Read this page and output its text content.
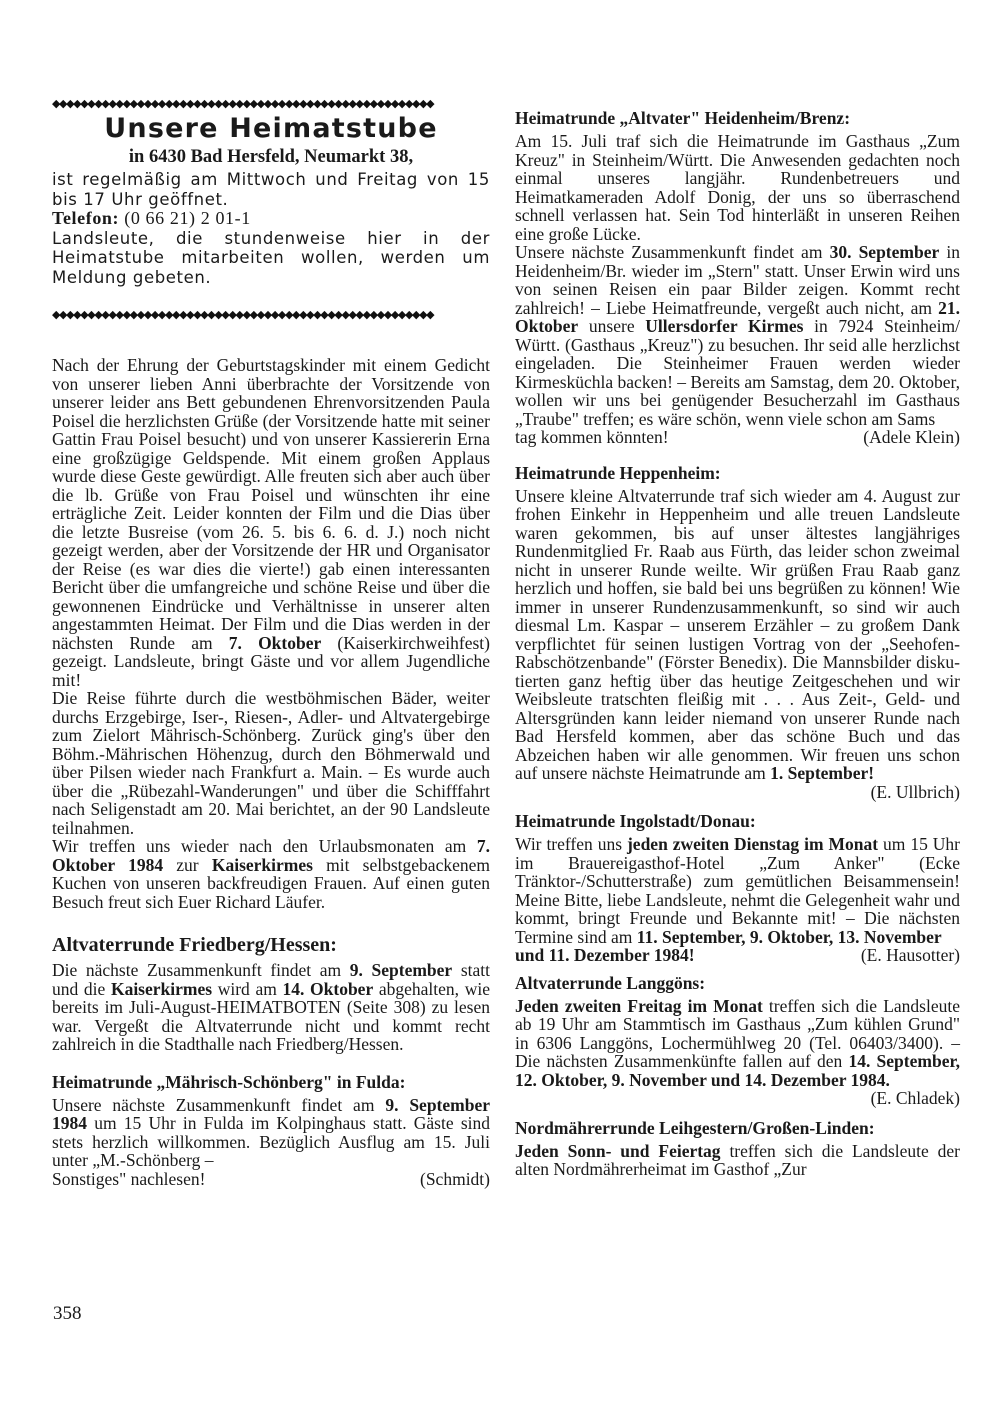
◆◆◆◆◆◆◆◆◆◆◆◆◆◆◆◆◆◆◆◆◆◆◆◆◆◆◆◆◆◆◆◆◆◆◆◆◆◆◆◆◆◆◆◆◆◆◆◆◆◆◆◆◆◆
Unsere Heimatstube
in 6430 Bad Hersfeld, Neumarkt 38,

ist regelmäßig am Mittwoch und Freitag von 15 bis 17 Uhr geöffnet.

Telefon: (0 66 21) 2 01-1

Landsleute, die stundenweise hier in der Heimatstube mitarbeiten wollen, werden um Meldung gebeten.

◆◆◆◆◆◆◆◆◆◆◆◆◆◆◆◆◆◆◆◆◆◆◆◆◆◆◆◆◆◆◆◆◆◆◆◆◆◆◆◆◆◆◆◆◆◆◆◆◆◆◆◆◆◆

Nach der Ehrung der Geburtstagskinder mit einem Gedicht von unserer lieben Anni überbrachte der Vorsitzende von unserer leider ans Bett gebundenen Ehrenvorsitzenden Paula Poisel die herzlichsten Grüße (der Vorsitzende hatte mit seiner Gattin Frau Poisel besucht) und von unserer Kassiererin Erna eine großzügige Geldspende. Mit einem großen Applaus wurde diese Geste gewürdigt. Alle freuten sich aber auch über die lb. Grüße von Frau Poisel und wünschten ihr eine erträgliche Zeit. Leider konnten der Film und die Dias über die letzte Busreise (vom 26. 5. bis 6. 6. d. J.) noch nicht gezeigt werden, aber der Vorsitzende der HR und Organisator der Reise (es war dies die vierte!) gab einen interessanten Bericht über die umfangreiche und schöne Reise und über die gewonnenen Eindrücke und Verhältnisse in unserer alten angestammten Heimat. Der Film und die Dias werden in der nächsten Runde am 7. Oktober (Kaiserkirchweihfest) gezeigt. Landsleute, bringt Gäste und vor allem Jugendliche mit!

Die Reise führte durch die westböhmischen Bäder, weiter durchs Erzgebirge, Iser-, Riesen-, Adler- und Altvatergebirge zum Zielort Mährisch-Schönberg. Zurück ging's über den Böhm.-Mährischen Höhenzug, durch den Böhmerwald und über Pilsen wieder nach Frankfurt a. Main. – Es wurde auch über die „Rübezahl-Wanderungen" und über die Schifffahrt nach Seligenstadt am 20. Mai berichtet, an der 90 Landsleute teilnahmen.

Wir treffen uns wieder nach den Urlaubsmonaten am 7. Oktober 1984 zur Kaiserkirmes mit selbstgebackenem Kuchen von unseren backfreudigen Frauen. Auf einen guten Besuch freut sich Euer Richard Läufer.

Altvaterrunde Friedberg/Hessen:

Die nächste Zusammenkunft findet am 9. September statt und die Kaiserkirmes wird am 14. Oktober abgehalten, wie bereits im Juli-August-HEIMATBOTEN (Seite 308) zu lesen war. Vergeßt die Altvaterrunde nicht und kommt recht zahlreich in die Stadthalle nach Friedberg/Hessen.

Heimatrunde „Mährisch-Schönberg" in Fulda:

Unsere nächste Zusammenkunft findet am 9. September 1984 um 15 Uhr in Fulda im Kolpinghaus statt. Gäste sind stets herzlich willkommen. Bezüglich Ausflug am 15. Juli unter „M.-Schönberg –

Sonstiges" nachlesen!	(Schmidt)
Heimatrunde „Altvater" Heidenheim/Brenz:

Am 15. Juli traf sich die Heimatrunde im Gasthaus „Zum Kreuz" in Steinheim/Württ. Die Anwesenden gedachten noch einmal unseres langjähr. Rundenbetreuers und Heimatkameraden Adolf Donig, der uns so überraschend schnell verlassen hat. Sein Tod hinterläßt in unseren Reihen eine große Lücke.

Unsere nächste Zusammenkunft findet am 30. September in Heidenheim/Br. wieder im „Stern" statt. Unser Erwin wird uns von seinen Reisen ein paar Bilder zeigen. Kommt recht zahlreich! – Liebe Heimatfreunde, vergeßt auch nicht, am 21. Oktober unsere Ullersdorfer Kirmes in 7924 Steinheim/ Württ. (Gasthaus „Kreuz") zu besuchen. Ihr seid alle herzlichst eingeladen. Die Steinheimer Frauen werden wieder Kirmesküchla backen! – Bereits am Samstag, dem 20. Oktober, wollen wir uns bei genügender Besucherzahl im Gasthaus „Traube" treffen; es wäre schön, wenn viele schon am Sams

tag kommen könnten!	(Adele Klein)
Heimatrunde Heppenheim:

Unsere kleine Altvaterrunde traf sich wieder am 4. August zur frohen Einkehr in Heppenheim und alle treuen Landsleute waren gekommen, bis auf unser ältestes langjähriges Rundenmitglied Fr. Raab aus Fürth, das leider schon zweimal nicht in unserer Runde weilte. Wir grüßen Frau Raab ganz herzlich und hoffen, sie bald bei uns begrüßen zu können! Wie immer in unserer Rundenzusammenkunft, so sind wir auch diesmal Lm. Kaspar – unserem Erzähler – zu großem Dank verpflichtet für seinen lustigen Vortrag von der „Seehofen-Rabschötzenbande" (Förster Benedix). Die Mannsbilder diskutierten ganz heftig über das heutige Zeitgeschehen und wir Weibsleute tratschten fleißig mit . . . Aus Zeit-, Geld- und Altersgründen kann leider niemand von unserer Runde nach Bad Hersfeld kommen, aber das schöne Buch und das Abzeichen haben wir alle genommen. Wir freuen uns schon auf unsere nächste Heimatrunde am 1. September!

(E. Ullbrich)
Heimatrunde Ingolstadt/Donau:

Wir treffen uns jeden zweiten Dienstag im Monat um 15 Uhr im Brauereigasthof-Hotel „Zum Anker" (Ecke Tränktor-/Schutterstraße) zum gemütlichen Beisammensein! Meine Bitte, liebe Landsleute, nehmt die Gelegenheit wahr und kommt, bringt Freunde und Bekannte mit! – Die nächsten Termine sind am 11. September, 9. Oktober, 13. November

und 11. Dezember 1984!	(E. Hausotter)
Altvaterrunde Langgöns:

Jeden zweiten Freitag im Monat treffen sich die Landsleute ab 19 Uhr am Stammtisch im Gasthaus „Zum kühlen Grund" in 6306 Langgöns, Lochermühlweg 20 (Tel. 06403/3400). – Die nächsten Zusammenkünfte fallen auf den 14. September, 12. Oktober, 9. November und 14. Dezember 1984.

(E. Chladek)
Nordmährerrunde Leihgestern/Großen-Linden:

Jeden Sonn- und Feiertag treffen sich die Landsleute der alten Nordmährerheimat im Gasthof „Zur

358
